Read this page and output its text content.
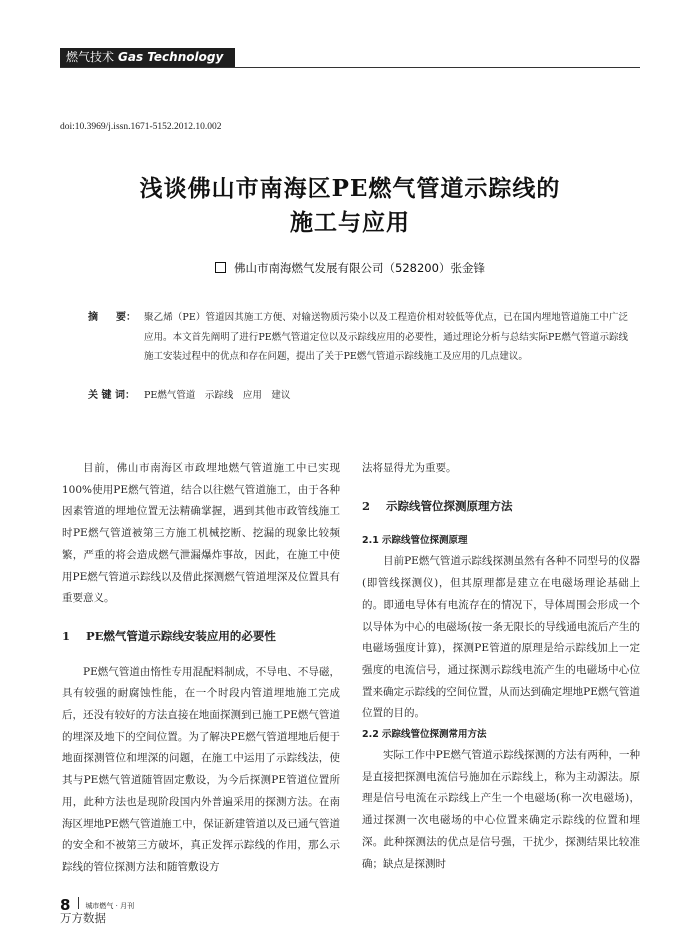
燃气技术 Gas Technology
doi:10.3969/j.issn.1671-5152.2012.10.002
浅谈佛山市南海区PE燃气管道示踪线的
施工与应用
佛山市南海燃气发展有限公司（528200）张金锋
摘 要： 聚乙烯（PE）管道因其施工方便、对输送物质污染小以及工程造价相对较低等优点，已在国内埋地管道施工中广泛应用。本文首先阐明了进行PE燃气管道定位以及示踪线应用的必要性，通过理论分析与总结实际PE燃气管道示踪线施工安装过程中的优点和存在问题，提出了关于PE燃气管道示踪线施工及应用的几点建议。
关 键 词： PE燃气管道　示踪线　应用　建议

目前，佛山市南海区市政埋地燃气管道施工中已实现100%使用PE燃气管道，结合以往燃气管道施工，由于各种因素管道的埋地位置无法精确掌握，遇到其他市政管线施工时PE燃气管道被第三方施工机械挖断、挖漏的现象比较频繁，严重的将会造成燃气泄漏爆炸事故，因此，在施工中使用PE燃气管道示踪线以及借此探测燃气管道埋深及位置具有重要意义。

1 PE燃气管道示踪线安装应用的必要性

PE燃气管道由惰性专用混配料制成，不导电、不导磁，具有较强的耐腐蚀性能，在一个时段内管道埋地施工完成后，还没有较好的方法直接在地面探测到已施工PE燃气管道的埋深及地下的空间位置。为了解决PE燃气管道埋地后便于地面探测管位和埋深的问题，在施工中运用了示踪线法，使其与PE燃气管道随管固定敷设，为今后探测PE管道位置所用，此种方法也是现阶段国内外普遍采用的探测方法。在南海区埋地PE燃气管道施工中，保证新建管道以及已通气管道的安全和不被第三方破坏，真正发挥示踪线的作用，那么示踪线的管位探测方法和随管敷设方

法将显得尤为重要。

2 示踪线管位探测原理方法
2.1 示踪线管位探测原理

目前PE燃气管道示踪线探测虽然有各种不同型号的仪器(即管线探测仪)，但其原理都是建立在电磁场理论基础上的。即通电导体有电流存在的情况下，导体周围会形成一个以导体为中心的电磁场(按一条无限长的导线通电流后产生的电磁场强度计算)，探测PE管道的原理是给示踪线加上一定强度的电流信号，通过探测示踪线电流产生的电磁场中心位置来确定示踪线的空间位置，从而达到确定埋地PE燃气管道位置的目的。

2.2 示踪线管位探测常用方法

实际工作中PE燃气管道示踪线探测的方法有两种，一种是直接把探测电流信号施加在示踪线上，称为主动源法。原理是信号电流在示踪线上产生一个电磁场(称一次电磁场)，通过探测一次电磁场的中心位置来确定示踪线的位置和埋深。此种探测法的优点是信号强，干扰少，探测结果比较准确；缺点是探测时

8 城市燃气 · 月刊
万方数据
